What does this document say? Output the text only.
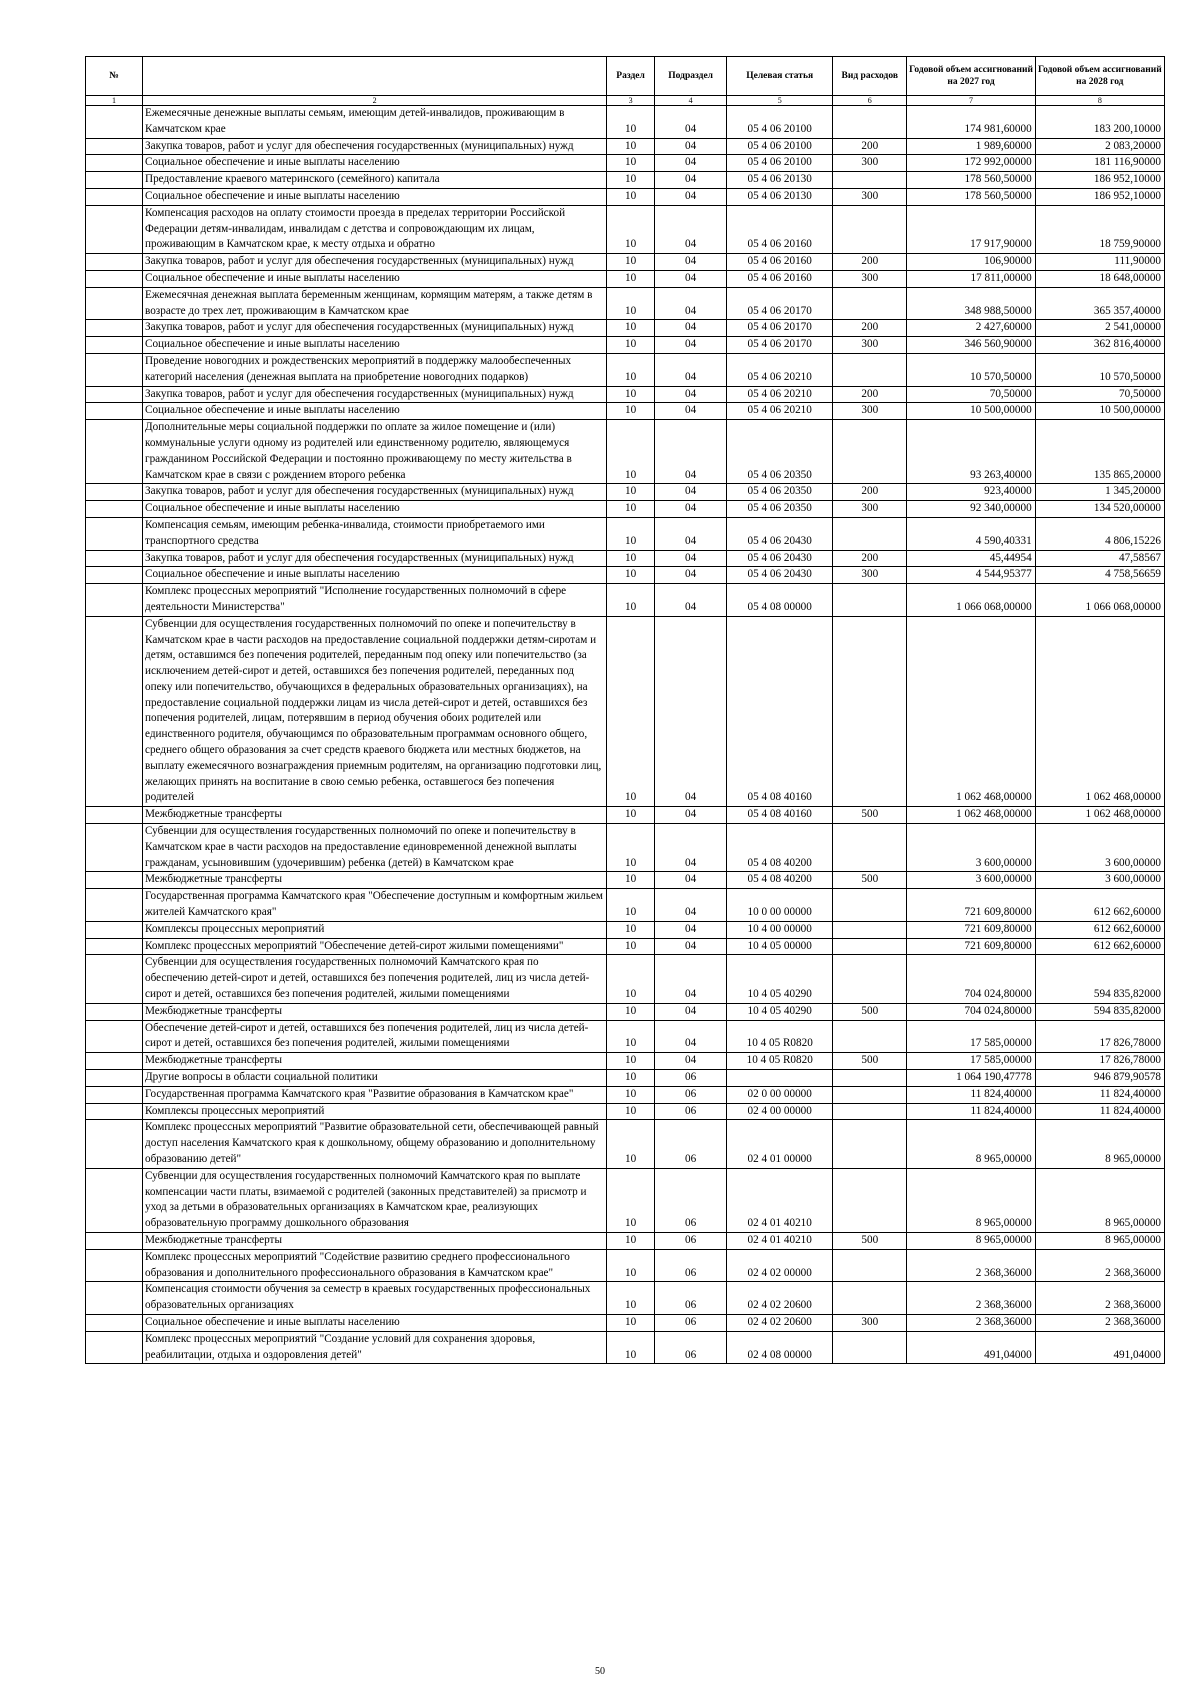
№		Раздел	Подраздел	Целевая статья	Вид расходов	Годовой объем ассигнований на 2027 год	Годовой объем ассигнований на 2028 год
1	2	3	4	5	6	7	8
	Ежемесячные денежные выплаты семьям, имеющим детей-инвалидов, проживающим в Камчатском крае	10	04	05 4 06 20100		174 981,60000	183 200,10000
	Закупка товаров, работ и услуг для обеспечения государственных (муниципальных) нужд	10	04	05 4 06 20100	200	1 989,60000	2 083,20000
	Социальное обеспечение и иные выплаты населению	10	04	05 4 06 20100	300	172 992,00000	181 116,90000
	Предоставление краевого материнского (семейного) капитала	10	04	05 4 06 20130		178 560,50000	186 952,10000
	Социальное обеспечение и иные выплаты населению	10	04	05 4 06 20130	300	178 560,50000	186 952,10000
	Компенсация расходов на оплату стоимости проезда в пределах территории Российской Федерации детям-инвалидам, инвалидам с детства и сопровождающим их лицам, проживающим в Камчатском крае, к месту отдыха и обратно	10	04	05 4 06 20160		17 917,90000	18 759,90000
	Закупка товаров, работ и услуг для обеспечения государственных (муниципальных) нужд	10	04	05 4 06 20160	200	106,90000	111,90000
	Социальное обеспечение и иные выплаты населению	10	04	05 4 06 20160	300	17 811,00000	18 648,00000
	Ежемесячная денежная выплата беременным женщинам, кормящим матерям, а также детям в возрасте до трех лет, проживающим в Камчатском крае	10	04	05 4 06 20170		348 988,50000	365 357,40000
	Закупка товаров, работ и услуг для обеспечения государственных (муниципальных) нужд	10	04	05 4 06 20170	200	2 427,60000	2 541,00000
	Социальное обеспечение и иные выплаты населению	10	04	05 4 06 20170	300	346 560,90000	362 816,40000
	Проведение новогодних и рождественских мероприятий в поддержку малообеспеченных категорий населения (денежная выплата на приобретение новогодних подарков)	10	04	05 4 06 20210		10 570,50000	10 570,50000
	Закупка товаров, работ и услуг для обеспечения государственных (муниципальных) нужд	10	04	05 4 06 20210	200	70,50000	70,50000
	Социальное обеспечение и иные выплаты населению	10	04	05 4 06 20210	300	10 500,00000	10 500,00000
	Дополнительные меры социальной поддержки по оплате за жилое помещение и (или) коммунальные услуги одному из родителей или единственному родителю, являющемуся гражданином Российской Федерации и постоянно проживающему по месту жительства в Камчатском крае в связи с рождением второго ребенка	10	04	05 4 06 20350		93 263,40000	135 865,20000
	Закупка товаров, работ и услуг для обеспечения государственных (муниципальных) нужд	10	04	05 4 06 20350	200	923,40000	1 345,20000
	Социальное обеспечение и иные выплаты населению	10	04	05 4 06 20350	300	92 340,00000	134 520,00000
	Компенсация семьям, имеющим ребенка-инвалида, стоимости приобретаемого ими транспортного средства	10	04	05 4 06 20430		4 590,40331	4 806,15226
	Закупка товаров, работ и услуг для обеспечения государственных (муниципальных) нужд	10	04	05 4 06 20430	200	45,44954	47,58567
	Социальное обеспечение и иные выплаты населению	10	04	05 4 06 20430	300	4 544,95377	4 758,56659
	Комплекс процессных мероприятий "Исполнение государственных полномочий в сфере деятельности Министерства"	10	04	05 4 08 00000		1 066 068,00000	1 066 068,00000
	Субвенции для осуществления государственных полномочий по опеке и попечительству в Камчатском крае в части расходов на предоставление социальной поддержки детям-сиротам и детям, оставшимся без попечения родителей, переданным под опеку или попечительство (за исключением детей-сирот и детей, оставшихся без попечения родителей, переданных под опеку или попечительство, обучающихся в федеральных образовательных организациях), на предоставление социальной поддержки лицам из числа детей-сирот и детей, оставшихся без попечения родителей, лицам, потерявшим в период обучения обоих родителей или единственного родителя, обучающимся по образовательным программам основного общего, среднего общего образования за счет средств краевого бюджета или местных бюджетов, на выплату ежемесячного вознаграждения приемным родителям, на организацию подготовки лиц, желающих принять на воспитание в свою семью ребенка, оставшегося без попечения родителей	10	04	05 4 08 40160		1 062 468,00000	1 062 468,00000
	Межбюджетные трансферты	10	04	05 4 08 40160	500	1 062 468,00000	1 062 468,00000
	Субвенции для осуществления государственных полномочий по опеке и попечительству в Камчатском крае в части расходов на предоставление единовременной денежной выплаты гражданам, усыновившим (удочерившим) ребенка (детей) в Камчатском крае	10	04	05 4 08 40200		3 600,00000	3 600,00000
	Межбюджетные трансферты	10	04	05 4 08 40200	500	3 600,00000	3 600,00000
	Государственная программа Камчатского края "Обеспечение доступным и комфортным жильем жителей Камчатского края"	10	04	10 0 00 00000		721 609,80000	612 662,60000
	Комплексы процессных мероприятий	10	04	10 4 00 00000		721 609,80000	612 662,60000
	Комплекс процессных мероприятий "Обеспечение детей-сирот жилыми помещениями"	10	04	10 4 05 00000		721 609,80000	612 662,60000
	Субвенции для осуществления государственных полномочий Камчатского края по обеспечению детей-сирот и детей, оставшихся без попечения родителей, лиц из числа детей-сирот и детей, оставшихся без попечения родителей, жилыми помещениями	10	04	10 4 05 40290		704 024,80000	594 835,82000
	Межбюджетные трансферты	10	04	10 4 05 40290	500	704 024,80000	594 835,82000
	Обеспечение детей-сирот и детей, оставшихся без попечения родителей, лиц из числа детей-сирот и детей, оставшихся без попечения родителей, жилыми помещениями	10	04	10 4 05 R0820		17 585,00000	17 826,78000
	Межбюджетные трансферты	10	04	10 4 05 R0820	500	17 585,00000	17 826,78000
	Другие вопросы в области социальной политики	10	06			1 064 190,47778	946 879,90578
	Государственная программа Камчатского края "Развитие образования в Камчатском крае"	10	06	02 0 00 00000		11 824,40000	11 824,40000
	Комплексы процессных мероприятий	10	06	02 4 00 00000		11 824,40000	11 824,40000
	Комплекс процессных мероприятий "Развитие образовательной сети, обеспечивающей равный доступ населения Камчатского края к дошкольному, общему образованию и дополнительному образованию детей"	10	06	02 4 01 00000		8 965,00000	8 965,00000
	Субвенции для осуществления государственных полномочий Камчатского края по выплате компенсации части платы, взимаемой с родителей (законных представителей) за присмотр и уход за детьми в образовательных организациях в Камчатском крае, реализующих образовательную программу дошкольного образования	10	06	02 4 01 40210		8 965,00000	8 965,00000
	Межбюджетные трансферты	10	06	02 4 01 40210	500	8 965,00000	8 965,00000
	Комплекс процессных мероприятий "Содействие развитию среднего профессионального образования и дополнительного профессионального образования в Камчатском крае"	10	06	02 4 02 00000		2 368,36000	2 368,36000
	Компенсация стоимости обучения за семестр в краевых государственных профессиональных образовательных организациях	10	06	02 4 02 20600		2 368,36000	2 368,36000
	Социальное обеспечение и иные выплаты населению	10	06	02 4 02 20600	300	2 368,36000	2 368,36000
	Комплекс процессных мероприятий "Создание условий для сохранения здоровья, реабилитации, отдыха и оздоровления детей"	10	06	02 4 08 00000		491,04000	491,04000
50
